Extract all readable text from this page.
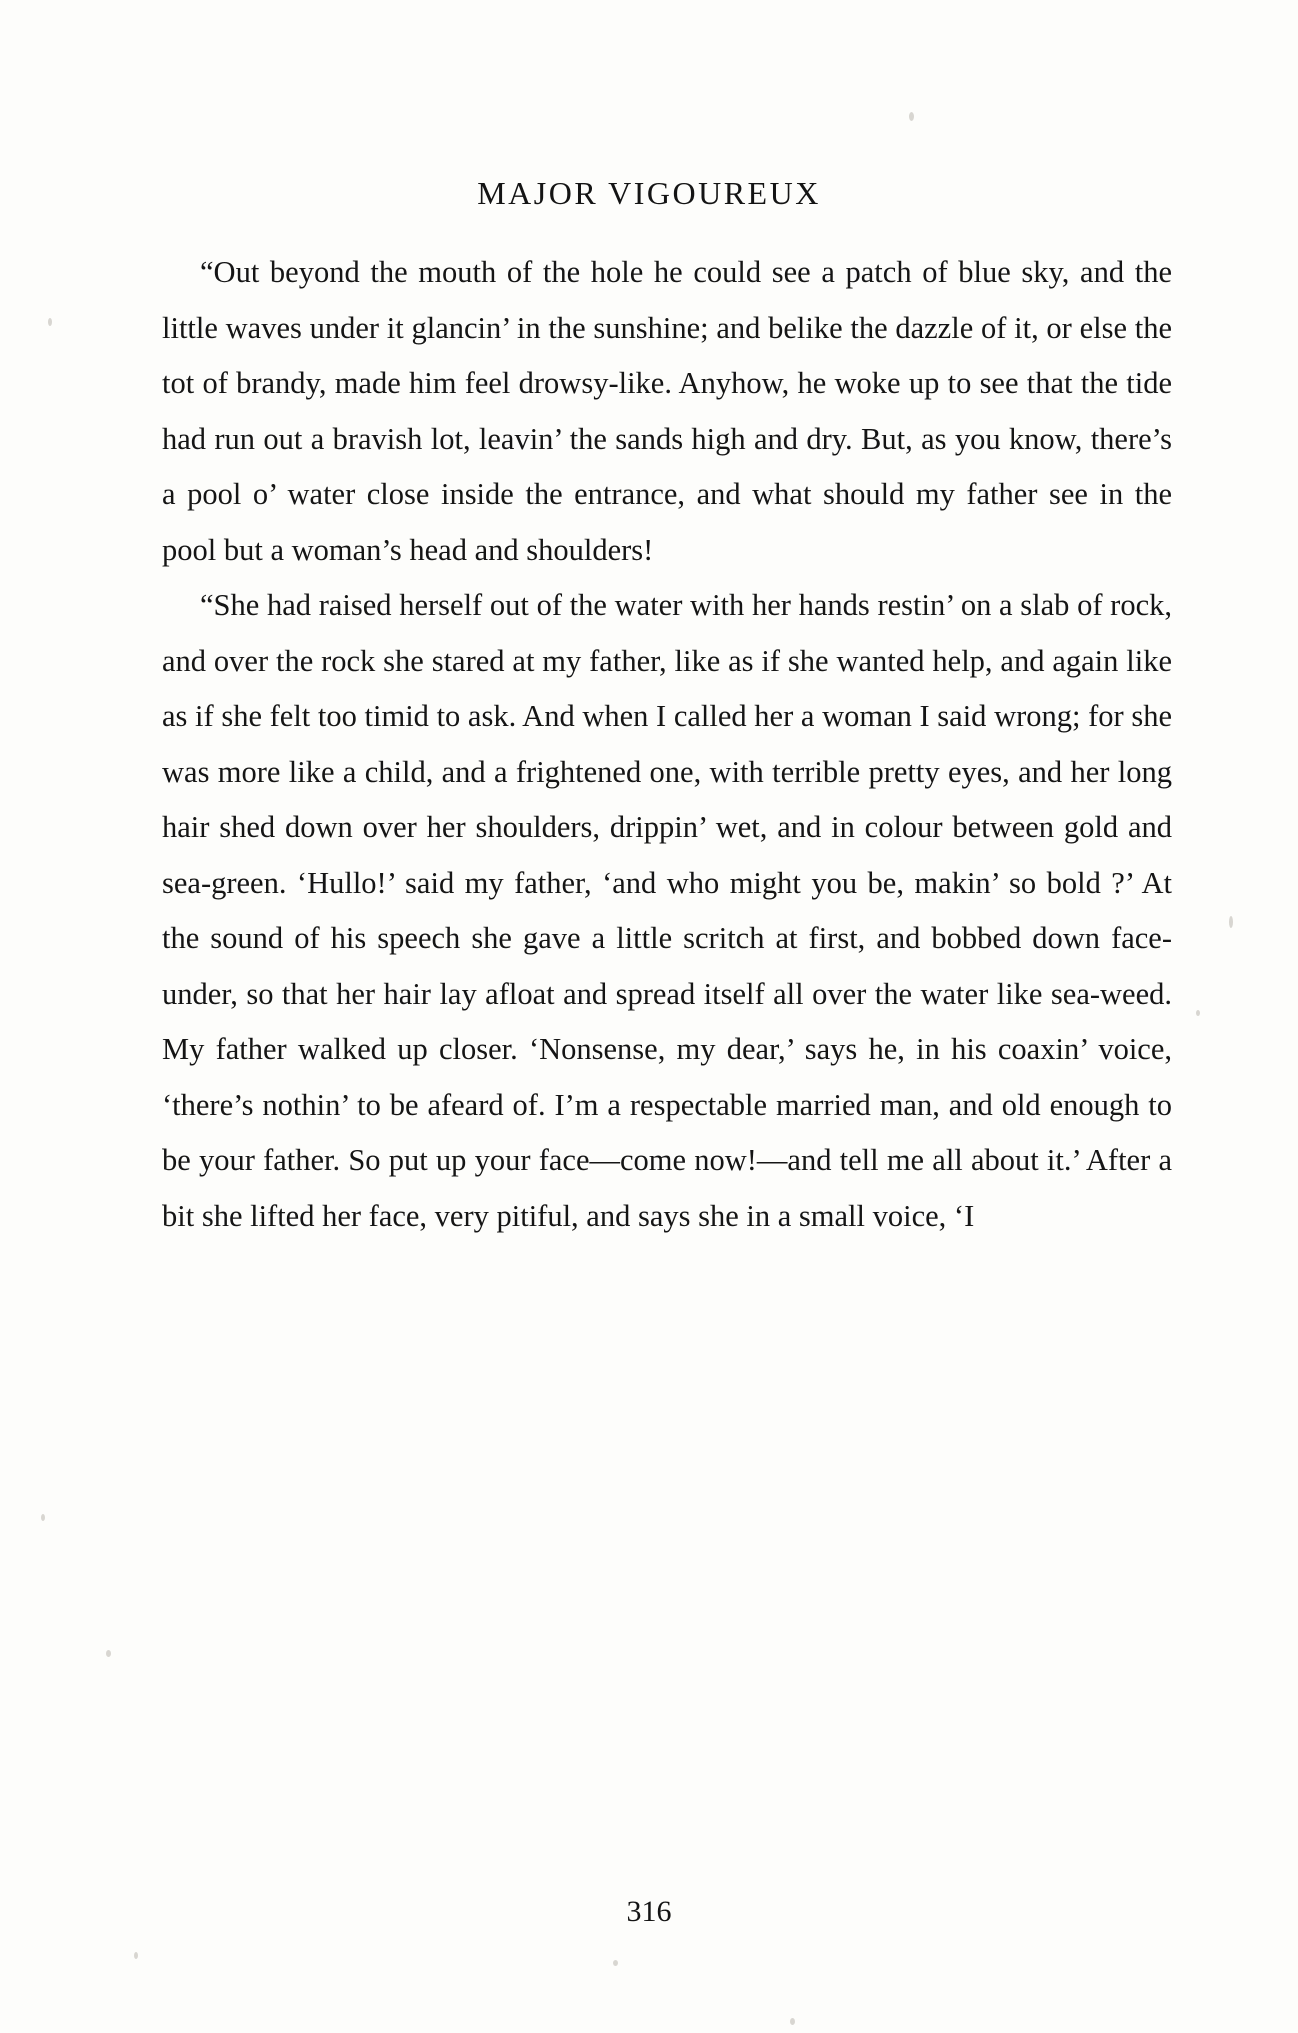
MAJOR VIGOUREUX

“Out beyond the mouth of the hole he could see a patch of blue sky, and the little waves under it glancin’ in the sunshine; and belike the dazzle of it, or else the tot of brandy, made him feel drowsy-like. Anyhow, he woke up to see that the tide had run out a bravish lot, leavin’ the sands high and dry. But, as you know, there’s a pool o’ water close inside the entrance, and what should my father see in the pool but a woman’s head and shoulders!

“She had raised herself out of the water with her hands restin’ on a slab of rock, and over the rock she stared at my father, like as if she wanted help, and again like as if she felt too timid to ask. And when I called her a woman I said wrong; for she was more like a child, and a frightened one, with terrible pretty eyes, and her long hair shed down over her shoulders, drippin’ wet, and in colour between gold and sea-green. ‘Hullo!’ said my father, ‘and who might you be, makin’ so bold ?’ At the sound of his speech she gave a little scritch at first, and bobbed down face-under, so that her hair lay afloat and spread itself all over the water like sea-weed. My father walked up closer. ‘Nonsense, my dear,’ says he, in his coaxin’ voice, ‘there’s nothin’ to be afeard of. I’m a respectable married man, and old enough to be your father. So put up your face—come now!—and tell me all about it.’ After a bit she lifted her face, very pitiful, and says she in a small voice, ‘I

316
